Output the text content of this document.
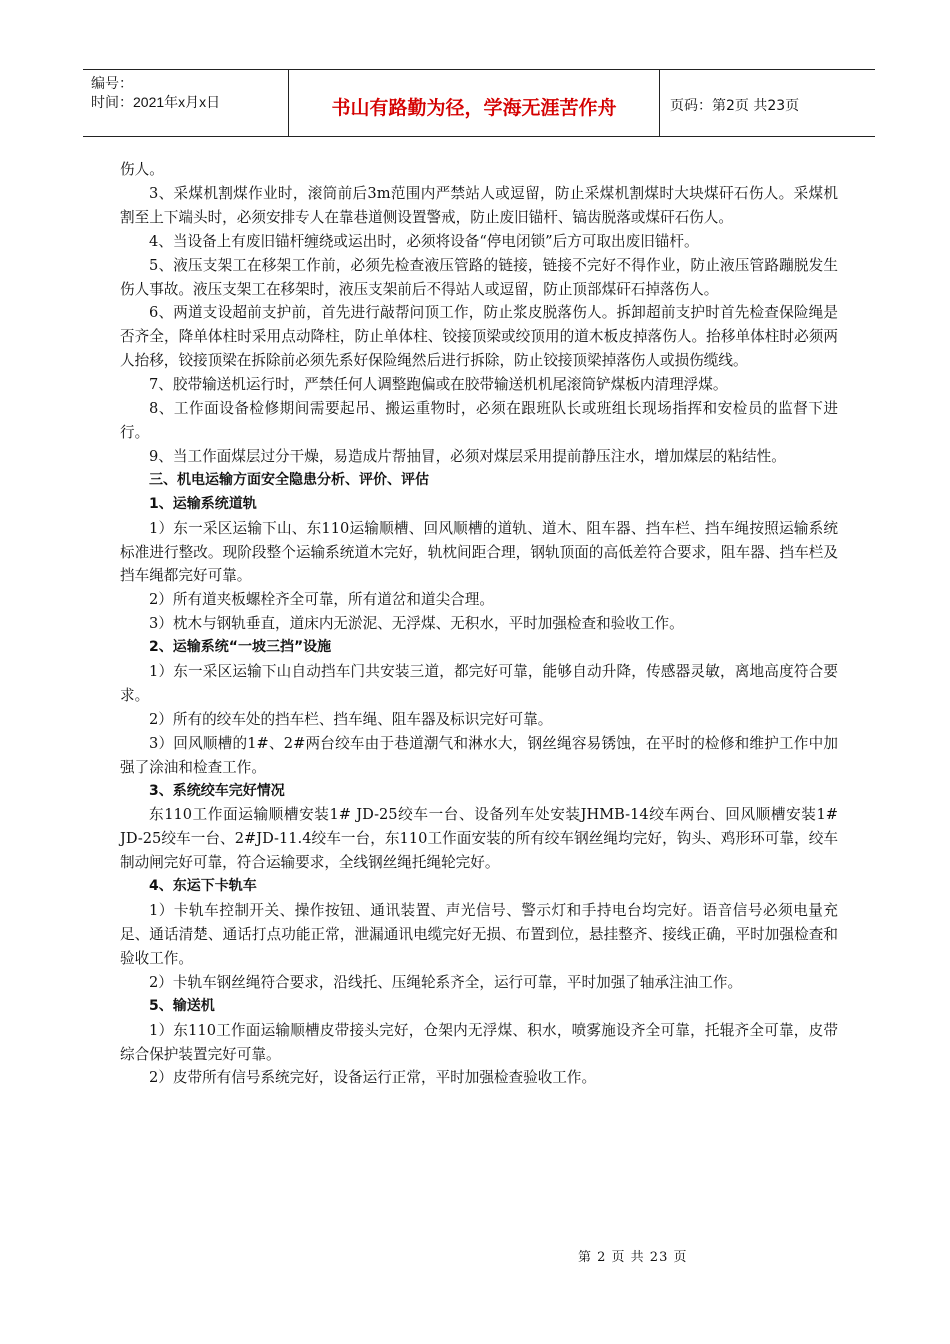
编号：
时间：2021年x月x日	书山有路勤为径，学海无涯苦作舟	页码：第2页 共23页

伤人。

3、采煤机割煤作业时，滚筒前后3m范围内严禁站人或逗留，防止采煤机割煤时大块煤矸石伤人。采煤机割至上下端头时，必须安排专人在靠巷道侧设置警戒，防止废旧锚杆、镐齿脱落或煤矸石伤人。

4、当设备上有废旧锚杆缠绕或运出时，必须将设备“停电闭锁”后方可取出废旧锚杆。

5、液压支架工在移架工作前，必须先检查液压管路的链接，链接不完好不得作业，防止液压管路蹦脱发生伤人事故。液压支架工在移架时，液压支架前后不得站人或逗留，防止顶部煤矸石掉落伤人。

6、两道支设超前支护前，首先进行敲帮问顶工作，防止浆皮脱落伤人。拆卸超前支护时首先检查保险绳是否齐全，降单体柱时采用点动降柱，防止单体柱、铰接顶梁或绞顶用的道木板皮掉落伤人。抬移单体柱时必须两人抬移，铰接顶梁在拆除前必须先系好保险绳然后进行拆除，防止铰接顶梁掉落伤人或损伤缆线。

7、胶带输送机运行时，严禁任何人调整跑偏或在胶带输送机机尾滚筒铲煤板内清理浮煤。

8、工作面设备检修期间需要起吊、搬运重物时，必须在跟班队长或班组长现场指挥和安检员的监督下进行。

9、当工作面煤层过分干燥，易造成片帮抽冒，必须对煤层采用提前静压注水，增加煤层的粘结性。

三、机电运输方面安全隐患分析、评价、评估

1、运输系统道轨

1）东一采区运输下山、东110运输顺槽、回风顺槽的道轨、道木、阻车器、挡车栏、挡车绳按照运输系统标准进行整改。现阶段整个运输系统道木完好，轨枕间距合理，钢轨顶面的高低差符合要求，阻车器、挡车栏及挡车绳都完好可靠。

2）所有道夹板螺栓齐全可靠，所有道岔和道尖合理。

3）枕木与钢轨垂直，道床内无淤泥、无浮煤、无积水，平时加强检查和验收工作。

2、运输系统“一坡三挡”设施

1）东一采区运输下山自动挡车门共安装三道，都完好可靠，能够自动升降，传感器灵敏，离地高度符合要求。

2）所有的绞车处的挡车栏、挡车绳、阻车器及标识完好可靠。

3）回风顺槽的1#、2#两台绞车由于巷道潮气和淋水大，钢丝绳容易锈蚀，在平时的检修和维护工作中加强了涂油和检查工作。

3、系统绞车完好情况

东110工作面运输顺槽安装1# JD-25绞车一台、设备列车处安装JHMB-14绞车两台、回风顺槽安装1# JD-25绞车一台、2#JD-11.4绞车一台，东110工作面安装的所有绞车钢丝绳均完好，钩头、鸡形环可靠，绞车制动闸完好可靠，符合运输要求，全线钢丝绳托绳轮完好。

4、东运下卡轨车

1）卡轨车控制开关、操作按钮、通讯装置、声光信号、警示灯和手持电台均完好。语音信号必须电量充足、通话清楚、通话打点功能正常，泄漏通讯电缆完好无损、布置到位，悬挂整齐、接线正确，平时加强检查和验收工作。

2）卡轨车钢丝绳符合要求，沿线托、压绳轮系齐全，运行可靠，平时加强了轴承注油工作。

5、输送机

1）东110工作面运输顺槽皮带接头完好，仓架内无浮煤、积水，喷雾施设齐全可靠，托辊齐全可靠，皮带综合保护装置完好可靠。

2）皮带所有信号系统完好，设备运行正常，平时加强检查验收工作。

第 2 页 共 23 页
